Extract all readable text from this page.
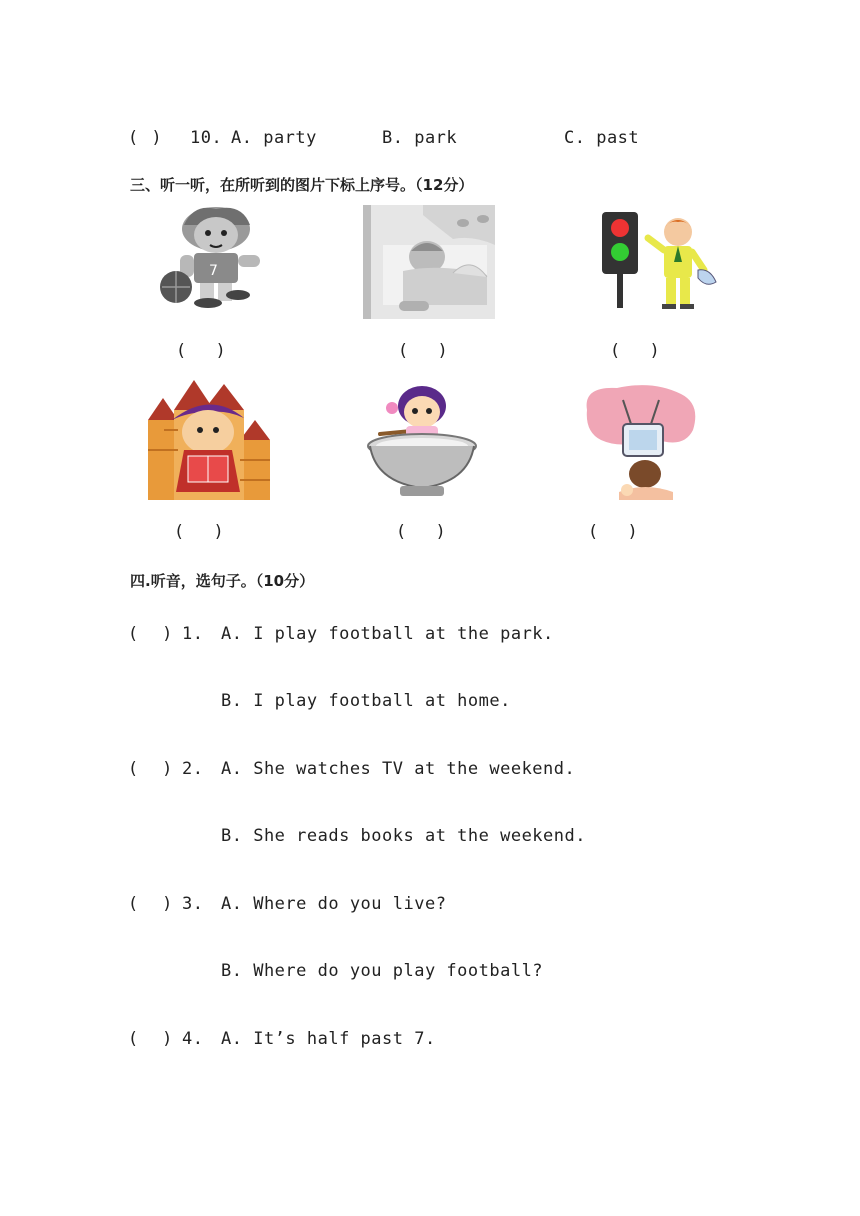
(   ) 10. A. party	B. park	C. past
三、听一听，在所听到的图片下标上序号。（12分）
7
(      )	(      )	(      )
(      )	(      )	(      )
四.听音，选句子。（10分）
(     ) 1. A. I play football at the park.
B. I play football at home.
(     ) 2. A. She watches TV at the weekend.
B. She reads books at the weekend.
(     ) 3. A. Where do you live?
B. Where do you play football?
(     ) 4. A. It’s half past 7.
